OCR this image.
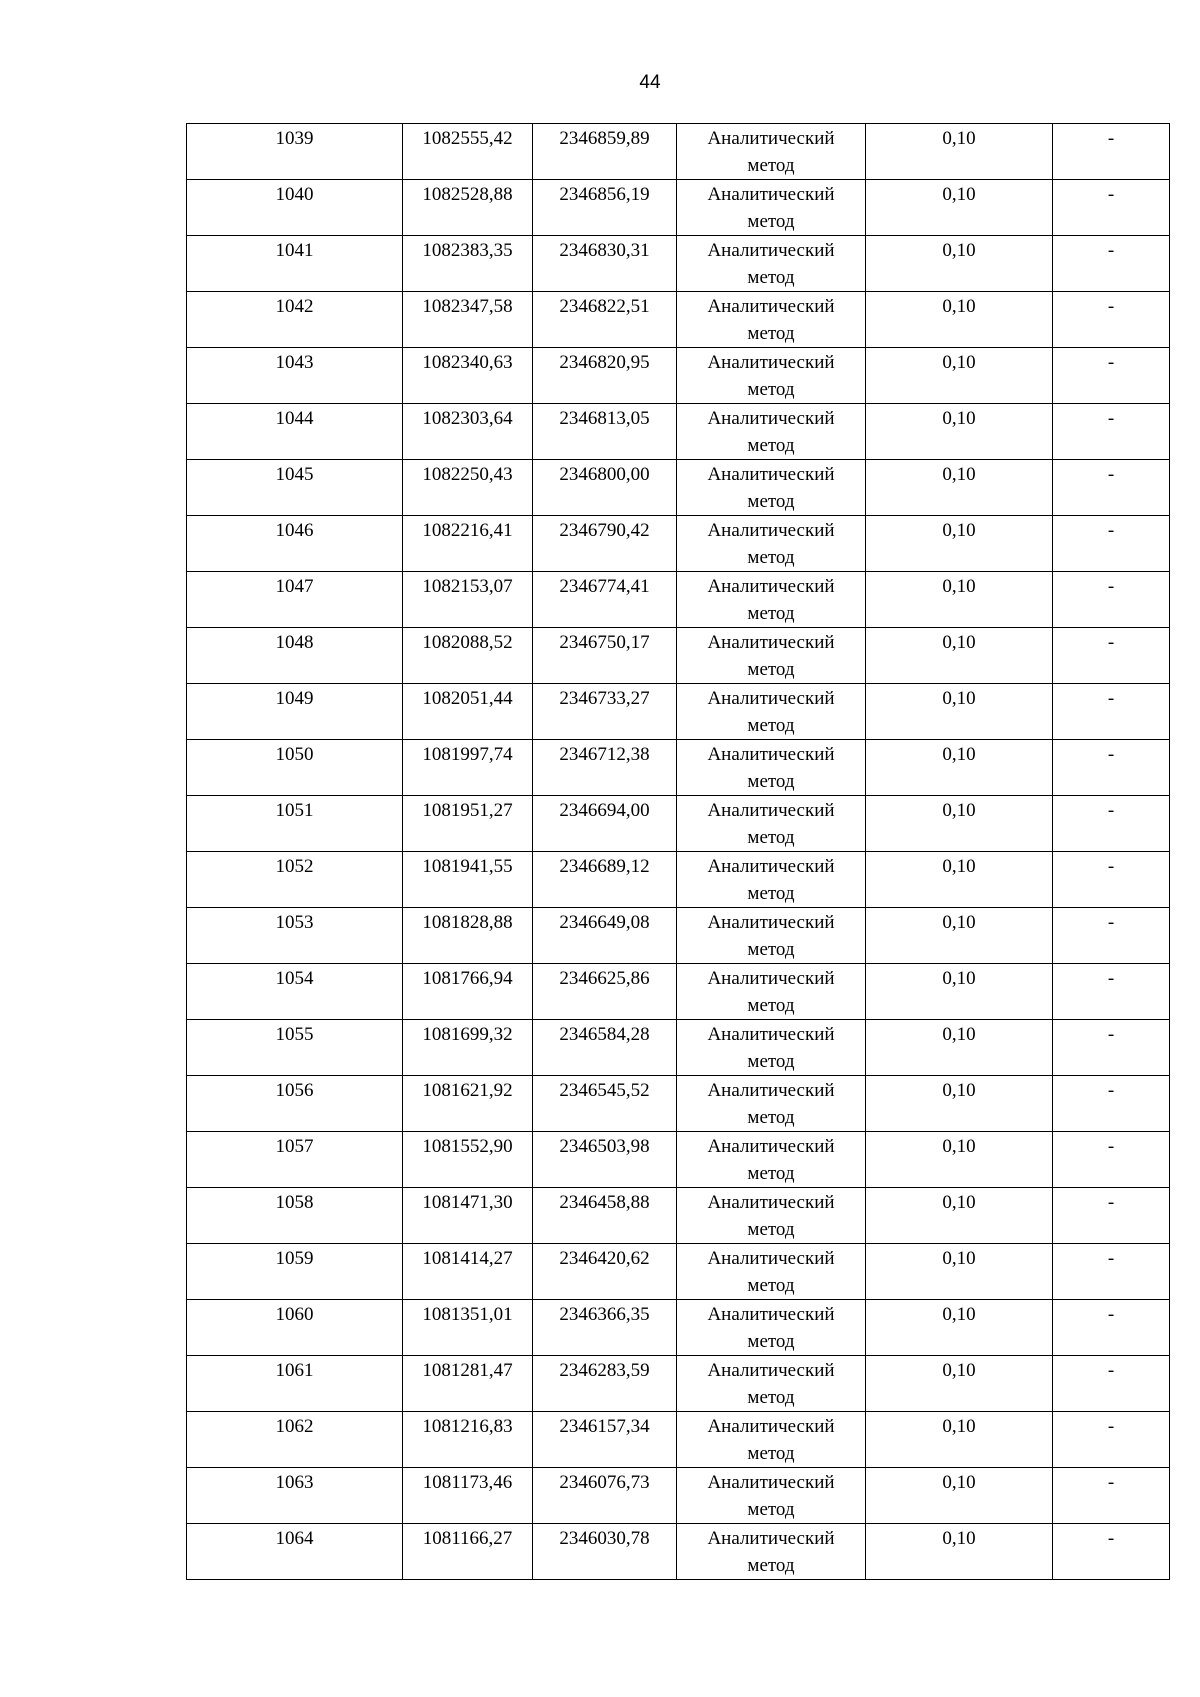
44
1039	1082555,42	2346859,89	Аналитический
метод	0,10	-

1040	1082528,88	2346856,19	Аналитический
метод	0,10	-

1041	1082383,35	2346830,31	Аналитический
метод	0,10	-

1042	1082347,58	2346822,51	Аналитический
метод	0,10	-

1043	1082340,63	2346820,95	Аналитический
метод	0,10	-

1044	1082303,64	2346813,05	Аналитический
метод	0,10	-

1045	1082250,43	2346800,00	Аналитический
метод	0,10	-

1046	1082216,41	2346790,42	Аналитический
метод	0,10	-

1047	1082153,07	2346774,41	Аналитический
метод	0,10	-

1048	1082088,52	2346750,17	Аналитический
метод	0,10	-

1049	1082051,44	2346733,27	Аналитический
метод	0,10	-

1050	1081997,74	2346712,38	Аналитический
метод	0,10	-

1051	1081951,27	2346694,00	Аналитический
метод	0,10	-

1052	1081941,55	2346689,12	Аналитический
метод	0,10	-

1053	1081828,88	2346649,08	Аналитический
метод	0,10	-

1054	1081766,94	2346625,86	Аналитический
метод	0,10	-

1055	1081699,32	2346584,28	Аналитический
метод	0,10	-

1056	1081621,92	2346545,52	Аналитический
метод	0,10	-

1057	1081552,90	2346503,98	Аналитический
метод	0,10	-

1058	1081471,30	2346458,88	Аналитический
метод	0,10	-

1059	1081414,27	2346420,62	Аналитический
метод	0,10	-

1060	1081351,01	2346366,35	Аналитический
метод	0,10	-

1061	1081281,47	2346283,59	Аналитический
метод	0,10	-

1062	1081216,83	2346157,34	Аналитический
метод	0,10	-

1063	1081173,46	2346076,73	Аналитический
метод	0,10	-

1064	1081166,27	2346030,78	Аналитический
метод	0,10	-
